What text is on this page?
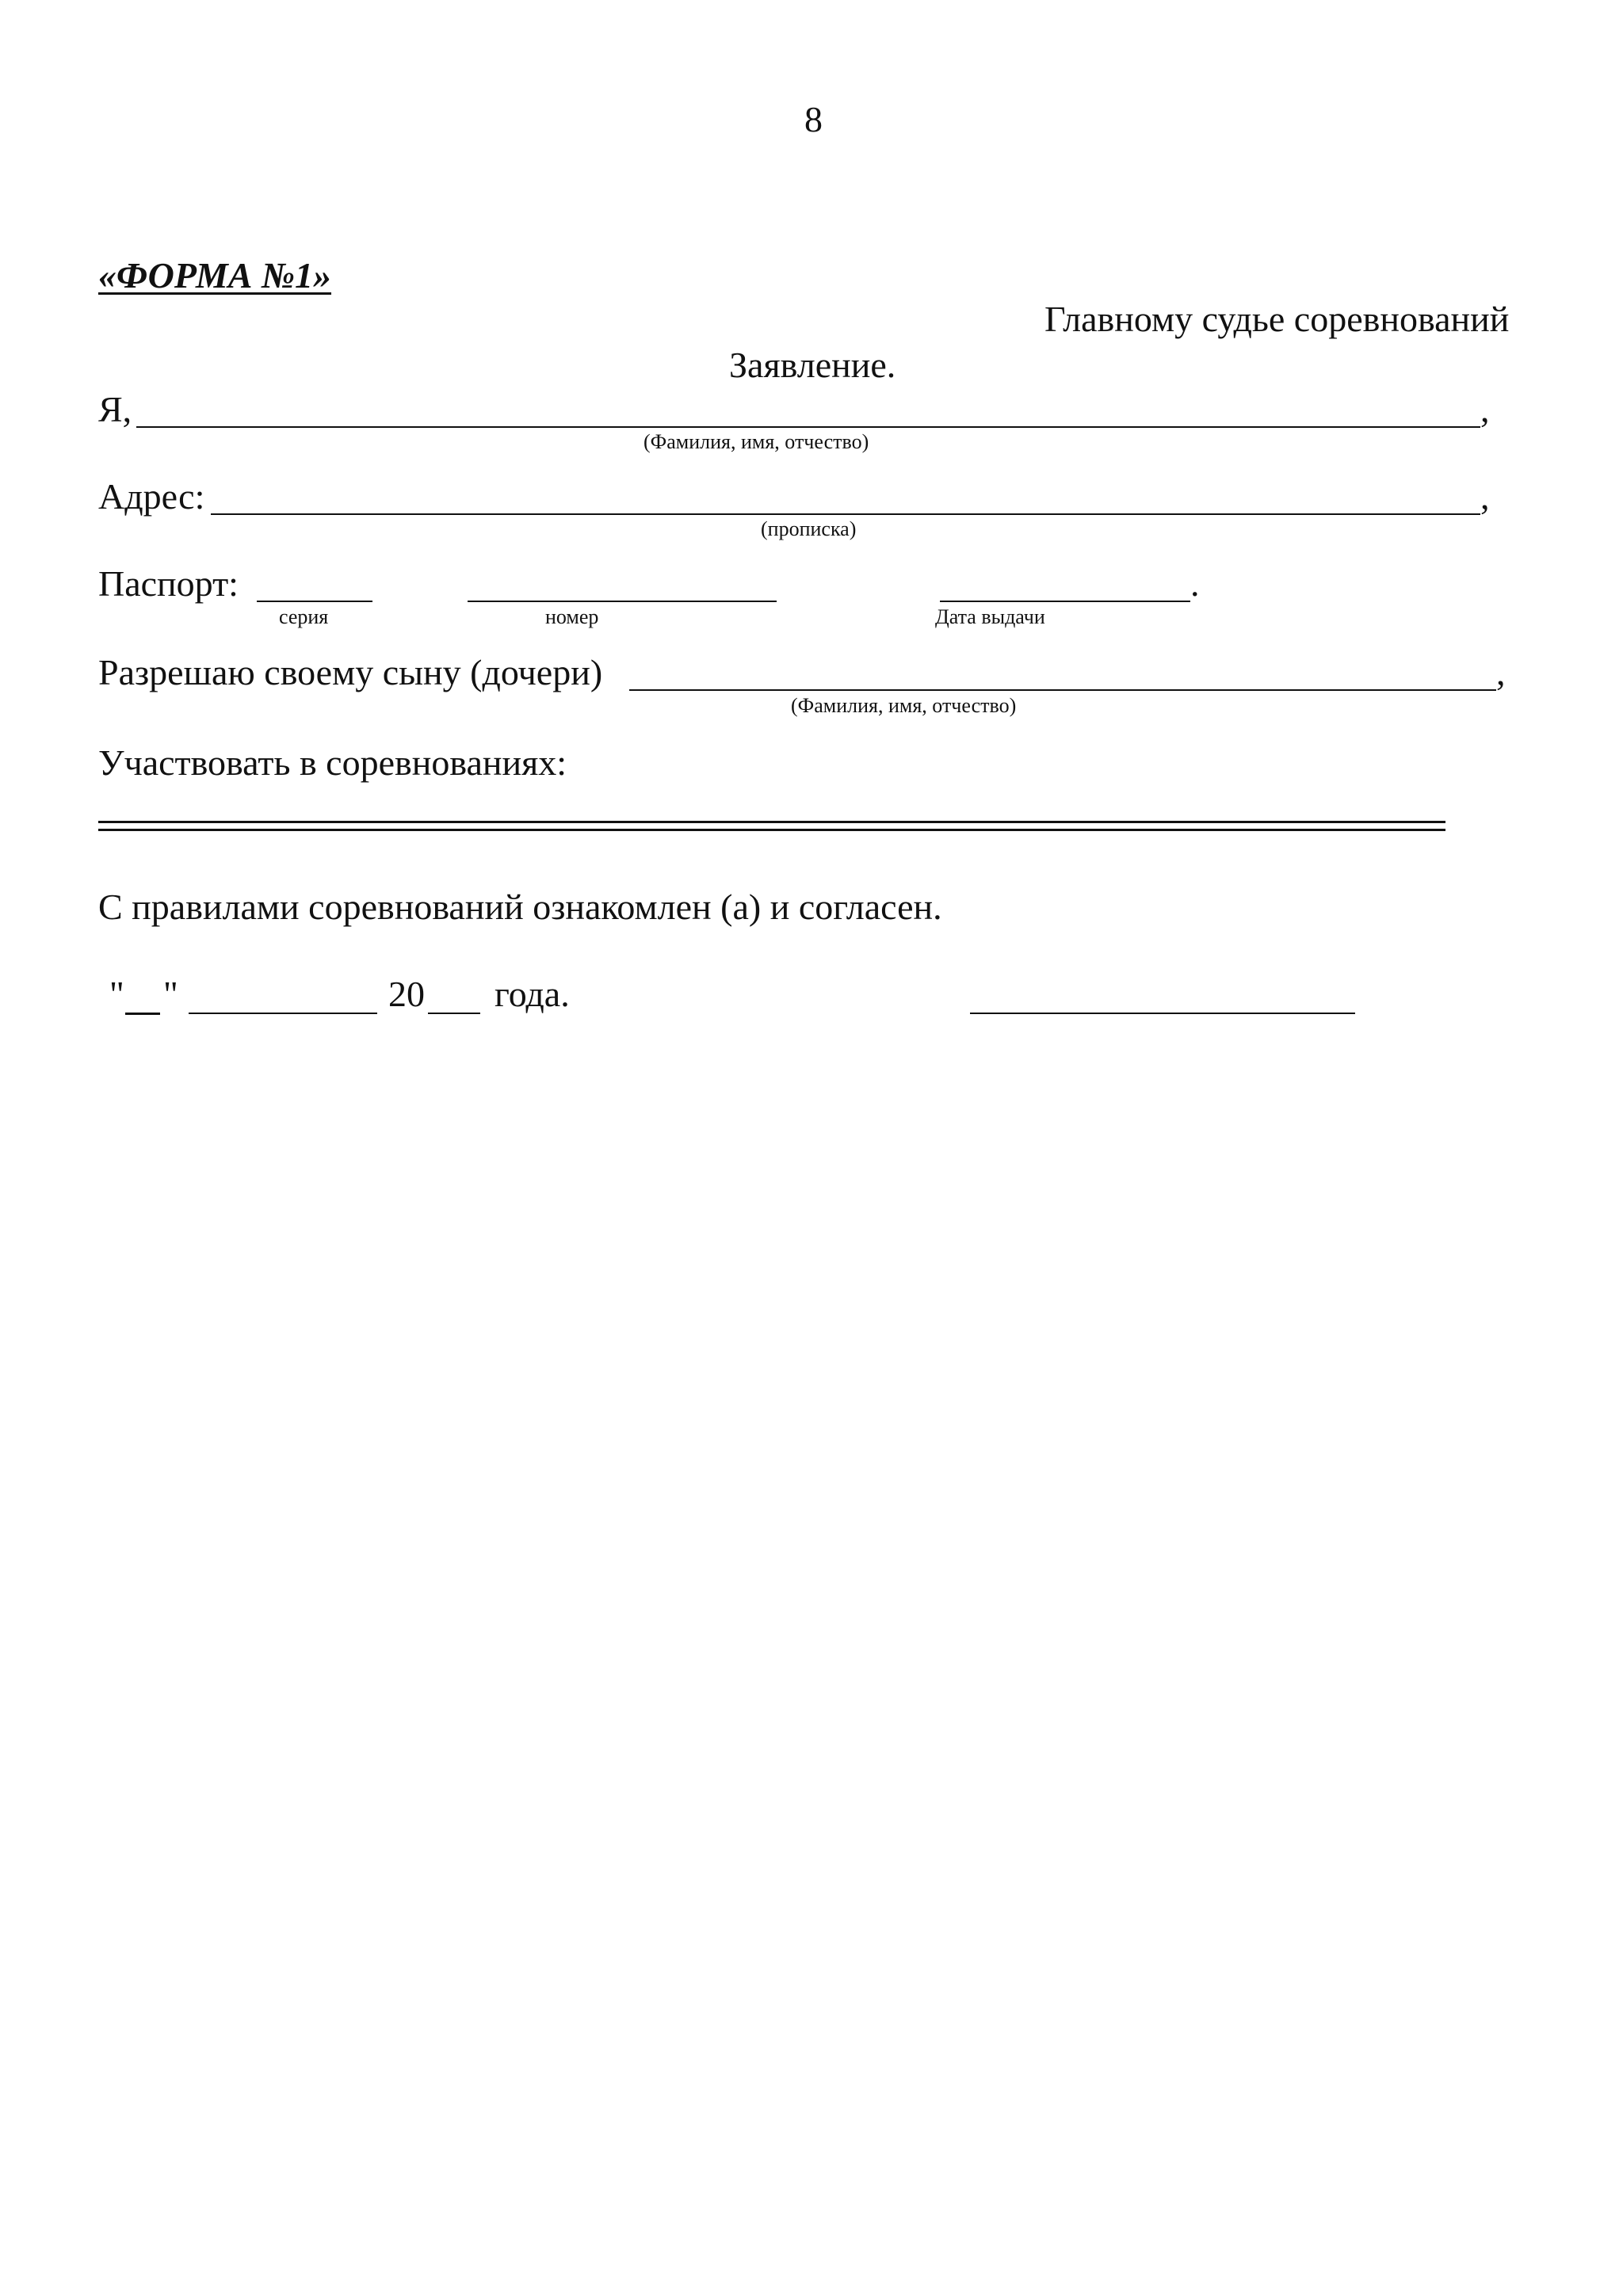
8
«ФОРМА №1»
Главному судье соревнований
Заявление.
Я,	,
(Фамилия, имя, отчество)
Адрес:	,
(прописка)
Паспорт:	.
серия	номер	Дата выдачи
Разрешаю своему сыну (дочери)	,
(Фамилия, имя, отчество)
Участвовать в соревнованиях:
С правилами соревнований ознакомлен (а) и согласен.
" "	20 года.
